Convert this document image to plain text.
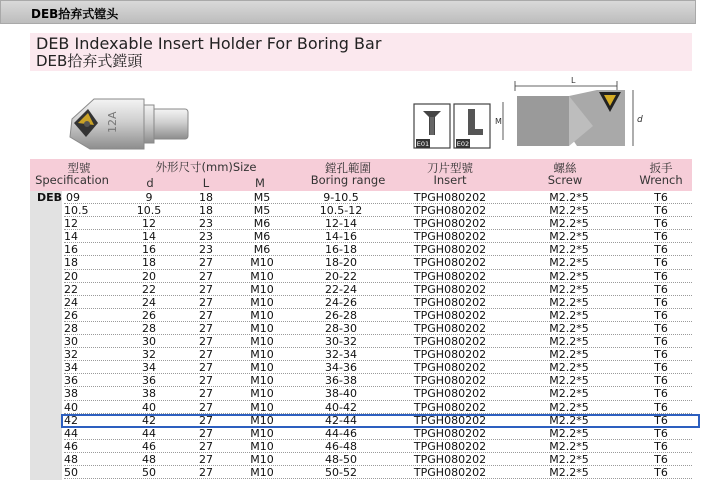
DEB拾弃式镗头
DEB Indexable Insert Holder For Boring Bar
DEB拾弃式鏜頭
12A
E01	E02
L
M	d
型號
Specification
外形尺寸(mm)Size
d	L	M
鏜孔範圍
Boring range
刀片型號
Insert
螺絲
Screw
扳手
Wrench
DEB 09	9	18	M5	9-10.5	TPGH080202	M2.2*5	T6
10.5	10.5	18	M5	10.5-12	TPGH080202	M2.2*5	T6
12	12	23	M6	12-14	TPGH080202	M2.2*5	T6
14	14	23	M6	14-16	TPGH080202	M2.2*5	T6
16	16	23	M6	16-18	TPGH080202	M2.2*5	T6
18	18	27	M10	18-20	TPGH080202	M2.2*5	T6
20	20	27	M10	20-22	TPGH080202	M2.2*5	T6
22	22	27	M10	22-24	TPGH080202	M2.2*5	T6
24	24	27	M10	24-26	TPGH080202	M2.2*5	T6
26	26	27	M10	26-28	TPGH080202	M2.2*5	T6
28	28	27	M10	28-30	TPGH080202	M2.2*5	T6
30	30	27	M10	30-32	TPGH080202	M2.2*5	T6
32	32	27	M10	32-34	TPGH080202	M2.2*5	T6
34	34	27	M10	34-36	TPGH080202	M2.2*5	T6
36	36	27	M10	36-38	TPGH080202	M2.2*5	T6
38	38	27	M10	38-40	TPGH080202	M2.2*5	T6
40	40	27	M10	40-42	TPGH080202	M2.2*5	T6
42	42	27	M10	42-44	TPGH080202	M2.2*5	T6
44	44	27	M10	44-46	TPGH080202	M2.2*5	T6
46	46	27	M10	46-48	TPGH080202	M2.2*5	T6
48	48	27	M10	48-50	TPGH080202	M2.2*5	T6
50	50	27	M10	50-52	TPGH080202	M2.2*5	T6
